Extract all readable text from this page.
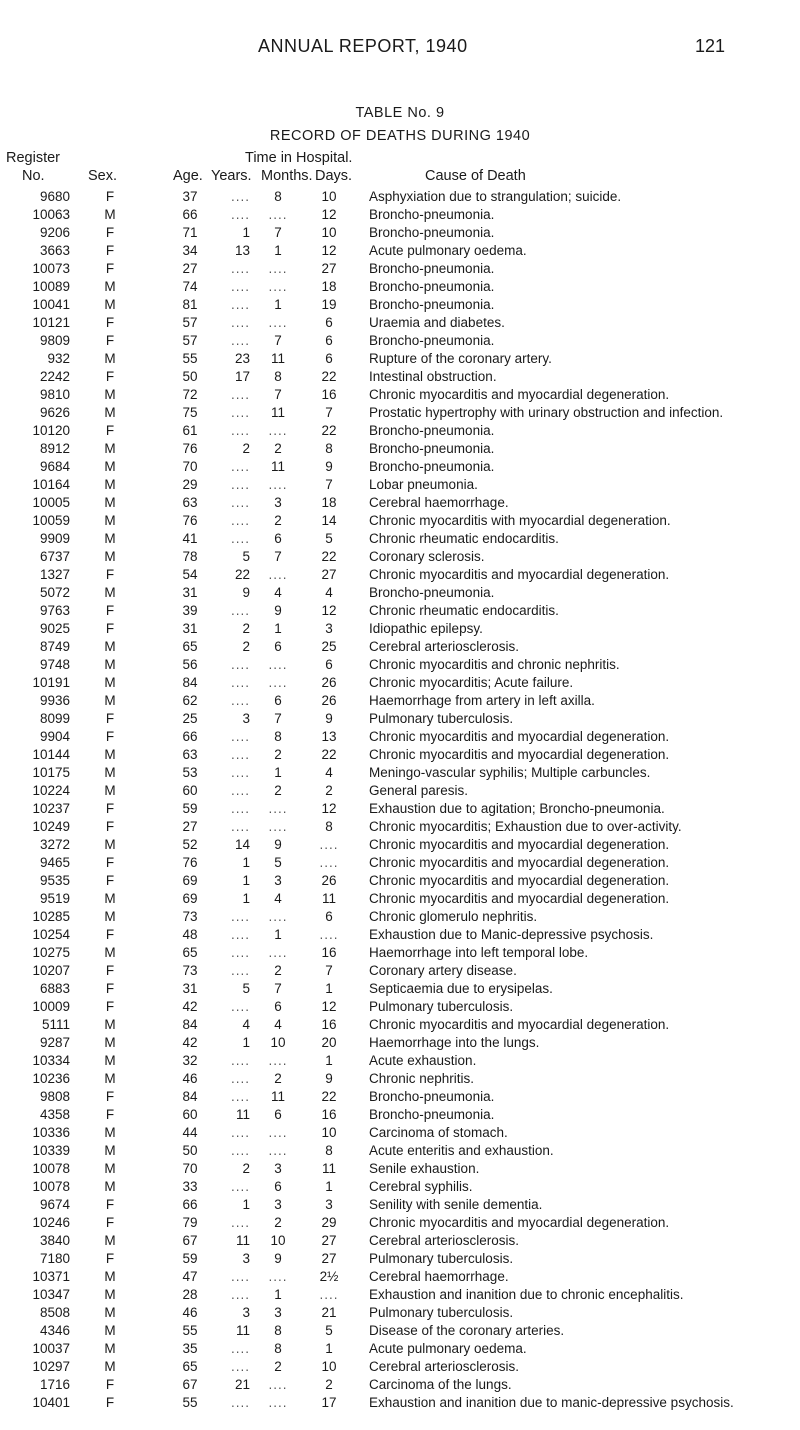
ANNUAL REPORT, 1940	121
TABLE No. 9
RECORD OF DEATHS DURING 1940
Register
No.	Sex.	Age.
Time in Hospital.
Years. Months. Days.	Cause of Death
9680	F	37	....	8	10	Asphyxiation due to strangulation; suicide.
10063	M	66	....	....	12	Broncho-pneumonia.
9206	F	71	1	7	10	Broncho-pneumonia.
3663	F	34	13	1	12	Acute pulmonary oedema.
10073	F	27	....	....	27	Broncho-pneumonia.
10089	M	74	....	....	18	Broncho-pneumonia.
10041	M	81	....	1	19	Broncho-pneumonia.
10121	F	57	....	....	6	Uraemia and diabetes.
9809	F	57	....	7	6	Broncho-pneumonia.
932	M	55	23	11	6	Rupture of the coronary artery.
2242	F	50	17	8	22	Intestinal obstruction.
9810	M	72	....	7	16	Chronic myocarditis and myocardial degeneration.
9626	M	75	....	11	7	Prostatic hypertrophy with urinary obstruction and infection.
10120	F	61	....	....	22	Broncho-pneumonia.
8912	M	76	2	2	8	Broncho-pneumonia.
9684	M	70	....	11	9	Broncho-pneumonia.
10164	M	29	....	....	7	Lobar pneumonia.
10005	M	63	....	3	18	Cerebral haemorrhage.
10059	M	76	....	2	14	Chronic myocarditis with myocardial degeneration.
9909	M	41	....	6	5	Chronic rheumatic endocarditis.
6737	M	78	5	7	22	Coronary sclerosis.
1327	F	54	22	....	27	Chronic myocarditis and myocardial degeneration.
5072	M	31	9	4	4	Broncho-pneumonia.
9763	F	39	....	9	12	Chronic rheumatic endocarditis.
9025	F	31	2	1	3	Idiopathic epilepsy.
8749	M	65	2	6	25	Cerebral arteriosclerosis.
9748	M	56	....	....	6	Chronic myocarditis and chronic nephritis.
10191	M	84	....	....	26	Chronic myocarditis; Acute failure.
9936	M	62	....	6	26	Haemorrhage from artery in left axilla.
8099	F	25	3	7	9	Pulmonary tuberculosis.
9904	F	66	....	8	13	Chronic myocarditis and myocardial degeneration.
10144	M	63	....	2	22	Chronic myocarditis and myocardial degeneration.
10175	M	53	....	1	4	Meningo-vascular syphilis; Multiple carbuncles.
10224	M	60	....	2	2	General paresis.
10237	F	59	....	....	12	Exhaustion due to agitation; Broncho-pneumonia.
10249	F	27	....	....	8	Chronic myocarditis; Exhaustion due to over-activity.
3272	M	52	14	9	....	Chronic myocarditis and myocardial degeneration.
9465	F	76	1	5	....	Chronic myocarditis and myocardial degeneration.
9535	F	69	1	3	26	Chronic myocarditis and myocardial degeneration.
9519	M	69	1	4	11	Chronic myocarditis and myocardial degeneration.
10285	M	73	....	....	6	Chronic glomerulo nephritis.
10254	F	48	....	1	....	Exhaustion due to Manic-depressive psychosis.
10275	M	65	....	....	16	Haemorrhage into left temporal lobe.
10207	F	73	....	2	7	Coronary artery disease.
6883	F	31	5	7	1	Septicaemia due to erysipelas.
10009	F	42	....	6	12	Pulmonary tuberculosis.
5111	M	84	4	4	16	Chronic myocarditis and myocardial degeneration.
9287	M	42	1	10	20	Haemorrhage into the lungs.
10334	M	32	....	....	1	Acute exhaustion.
10236	M	46	....	2	9	Chronic nephritis.
9808	F	84	....	11	22	Broncho-pneumonia.
4358	F	60	11	6	16	Broncho-pneumonia.
10336	M	44	....	....	10	Carcinoma of stomach.
10339	M	50	....	....	8	Acute enteritis and exhaustion.
10078	M	70	2	3	11	Senile exhaustion.
10078	M	33	....	6	1	Cerebral syphilis.
9674	F	66	1	3	3	Senility with senile dementia.
10246	F	79	....	2	29	Chronic myocarditis and myocardial degeneration.
3840	M	67	11	10	27	Cerebral arteriosclerosis.
7180	F	59	3	9	27	Pulmonary tuberculosis.
10371	M	47	....	....	2½	Cerebral haemorrhage.
10347	M	28	....	1	....	Exhaustion and inanition due to chronic encephalitis.
8508	M	46	3	3	21	Pulmonary tuberculosis.
4346	M	55	11	8	5	Disease of the coronary arteries.
10037	M	35	....	8	1	Acute pulmonary oedema.
10297	M	65	....	2	10	Cerebral arteriosclerosis.
1716	F	67	21	....	2	Carcinoma of the lungs.
10401	F	55	....	....	17	Exhaustion and inanition due to manic-depressive psychosis.
